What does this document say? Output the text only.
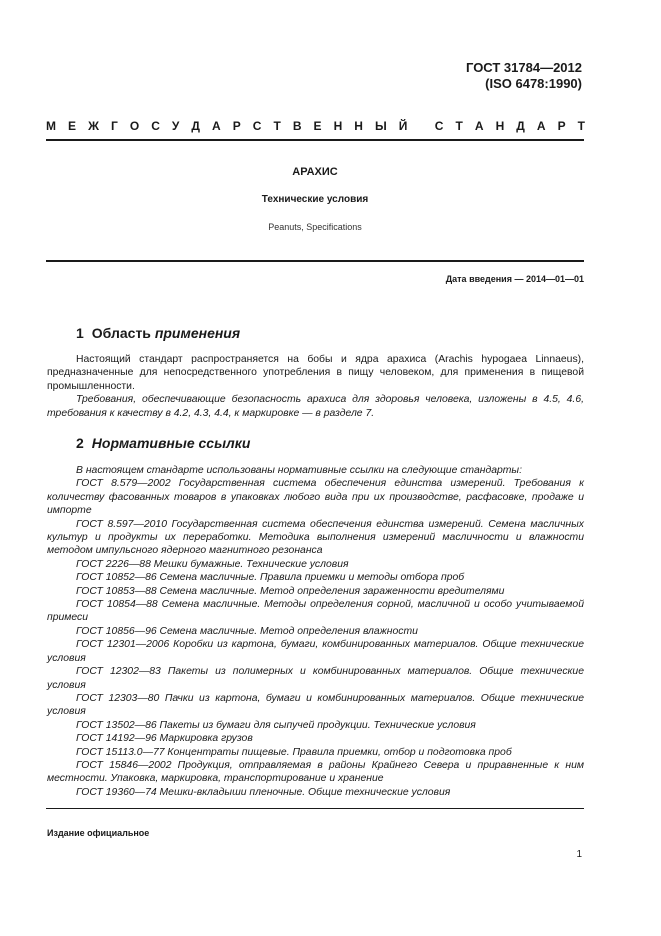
ГОСТ 31784—2012
(ISO 6478:1990)
М Е Ж Г О С У Д А Р С Т В Е Н Н Ы Й
С Т А Н Д А Р Т
АРАХИС
Технические условия
Peanuts, Specifications
Дата введения — 2014—01—01
1 Область применения

Настоящий стандарт распространяется на бобы и ядра арахиса (Arachis hypogaea Linnaeus), предназначенные для непосредственного употребления в пищу человеком, для применения в пищевой промышленности.

Требования, обеспечивающие безопасность арахиса для здоровья человека, изложены в 4.5, 4.6, требования к качеству в 4.2, 4.3, 4.4, к маркировке — в разделе 7.

2 Нормативные ссылки

В настоящем стандарте использованы нормативные ссылки на следующие стандарты:

ГОСТ 8.579—2002 Государственная система обеспечения единства измерений. Требования к количеству фасованных товаров в упаковках любого вида при их производстве, расфасовке, продаже и импорте

ГОСТ 8.597—2010 Государственная система обеспечения единства измерений. Семена масличных культур и продукты их переработки. Методика выполнения измерений масличности и влажности методом импульсного ядерного магнитного резонанса

ГОСТ 2226—88 Мешки бумажные. Технические условия

ГОСТ 10852—86 Семена масличные. Правила приемки и методы отбора проб

ГОСТ 10853—88 Семена масличные. Метод определения зараженности вредителями

ГОСТ 10854—88 Семена масличные. Методы определения сорной, масличной и особо учитываемой примеси

ГОСТ 10856—96 Семена масличные. Метод определения влажности

ГОСТ 12301—2006 Коробки из картона, бумаги, комбинированных материалов. Общие технические условия

ГОСТ 12302—83 Пакеты из полимерных и комбинированных материалов. Общие технические условия

ГОСТ 12303—80 Пачки из картона, бумаги и комбинированных материалов. Общие технические условия

ГОСТ 13502—86 Пакеты из бумаги для сыпучей продукции. Технические условия

ГОСТ 14192—96 Маркировка грузов

ГОСТ 15113.0—77 Концентраты пищевые. Правила приемки, отбор и подготовка проб

ГОСТ 15846—2002 Продукция, отправляемая в районы Крайнего Севера и приравненные к ним местности. Упаковка, маркировка, транспортирование и хранение

ГОСТ 19360—74 Мешки-вкладыши пленочные. Общие технические условия

Издание официальное
1
